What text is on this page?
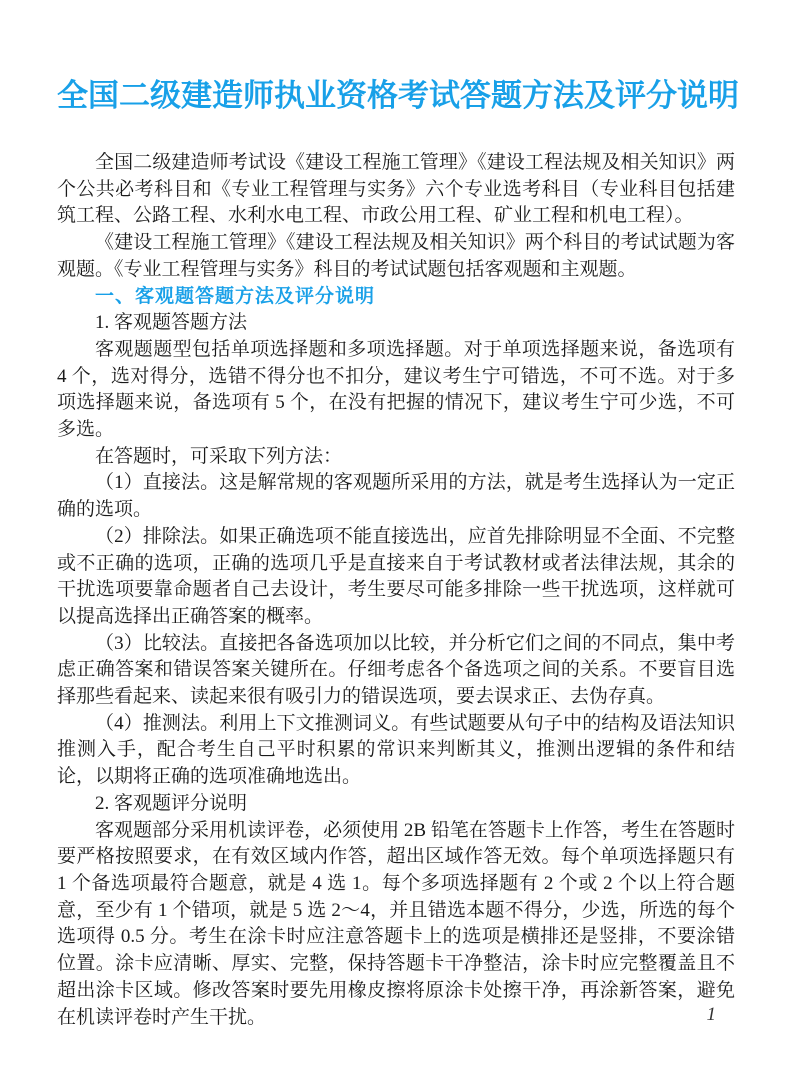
全国二级建造师执业资格考试答题方法及评分说明

全国二级建造师考试设《建设工程施工管理》《建设工程法规及相关知识》两个公共必考科目和《专业工程管理与实务》六个专业选考科目（专业科目包括建筑工程、公路工程、水利水电工程、市政公用工程、矿业工程和机电工程）。

《建设工程施工管理》《建设工程法规及相关知识》两个科目的考试试题为客观题。《专业工程管理与实务》科目的考试试题包括客观题和主观题。

一、客观题答题方法及评分说明

1. 客观题答题方法

客观题题型包括单项选择题和多项选择题。对于单项选择题来说，备选项有 4 个，选对得分，选错不得分也不扣分，建议考生宁可错选，不可不选。对于多项选择题来说，备选项有 5 个，在没有把握的情况下，建议考生宁可少选，不可多选。

在答题时，可采取下列方法：

（1）直接法。这是解常规的客观题所采用的方法，就是考生选择认为一定正确的选项。

（2）排除法。如果正确选项不能直接选出，应首先排除明显不全面、不完整或不正确的选项，正确的选项几乎是直接来自于考试教材或者法律法规，其余的干扰选项要靠命题者自己去设计，考生要尽可能多排除一些干扰选项，这样就可以提高选择出正确答案的概率。

（3）比较法。直接把各备选项加以比较，并分析它们之间的不同点，集中考虑正确答案和错误答案关键所在。仔细考虑各个备选项之间的关系。不要盲目选择那些看起来、读起来很有吸引力的错误选项，要去误求正、去伪存真。

（4）推测法。利用上下文推测词义。有些试题要从句子中的结构及语法知识推测入手，配合考生自己平时积累的常识来判断其义，推测出逻辑的条件和结论，以期将正确的选项准确地选出。

2. 客观题评分说明

客观题部分采用机读评卷，必须使用 2B 铅笔在答题卡上作答，考生在答题时要严格按照要求，在有效区域内作答，超出区域作答无效。每个单项选择题只有 1 个备选项最符合题意，就是 4 选 1。每个多项选择题有 2 个或 2 个以上符合题意，至少有 1 个错项，就是 5 选 2～4，并且错选本题不得分，少选，所选的每个选项得 0.5 分。考生在涂卡时应注意答题卡上的选项是横排还是竖排，不要涂错位置。涂卡应清晰、厚实、完整，保持答题卡干净整洁，涂卡时应完整覆盖且不超出涂卡区域。修改答案时要先用橡皮擦将原涂卡处擦干净，再涂新答案，避免在机读评卷时产生干扰。	1
